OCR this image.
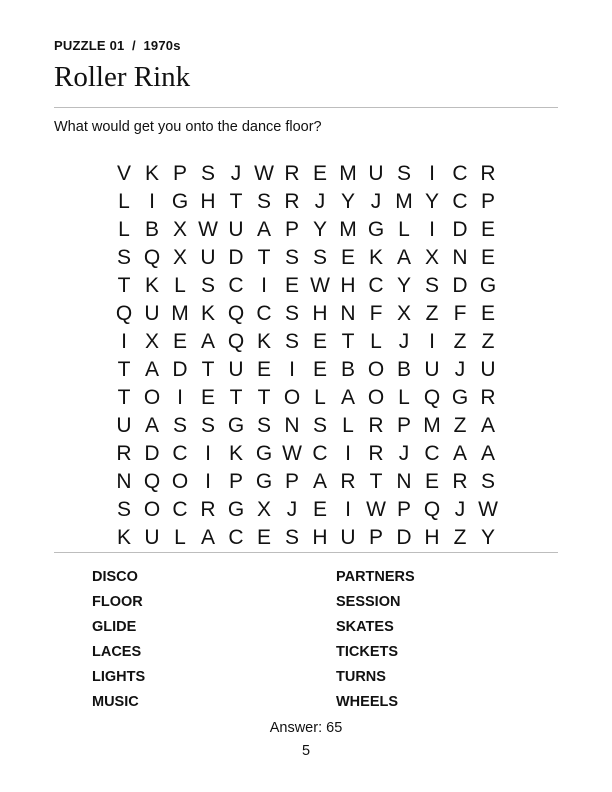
PUZZLE 01  /  1970s
Roller Rink
What would get you onto the dance floor?
V K P S J W R E M U S I C R
L I G H T S R J Y J M Y C P
L B X W U A P Y M G L I D E
S Q X U D T S S E K A X N E
T K L S C I E W H C Y S D G
Q U M K Q C S H N F X Z F E
I X E A Q K S E T L J I Z Z
T A D T U E I E B O B U J U
T O I E T T O L A O L Q G R
U A S S G S N S L R P M Z A
R D C I K G W C I R J C A A
N Q O I P G P A R T N E R S
S O C R G X J E I W P Q J W
K U L A C E S H U P D H Z Y
DISCO
FLOOR
GLIDE
LACES
LIGHTS
MUSIC
PARTNERS
SESSION
SKATES
TICKETS
TURNS
WHEELS
Answer: 65
5
